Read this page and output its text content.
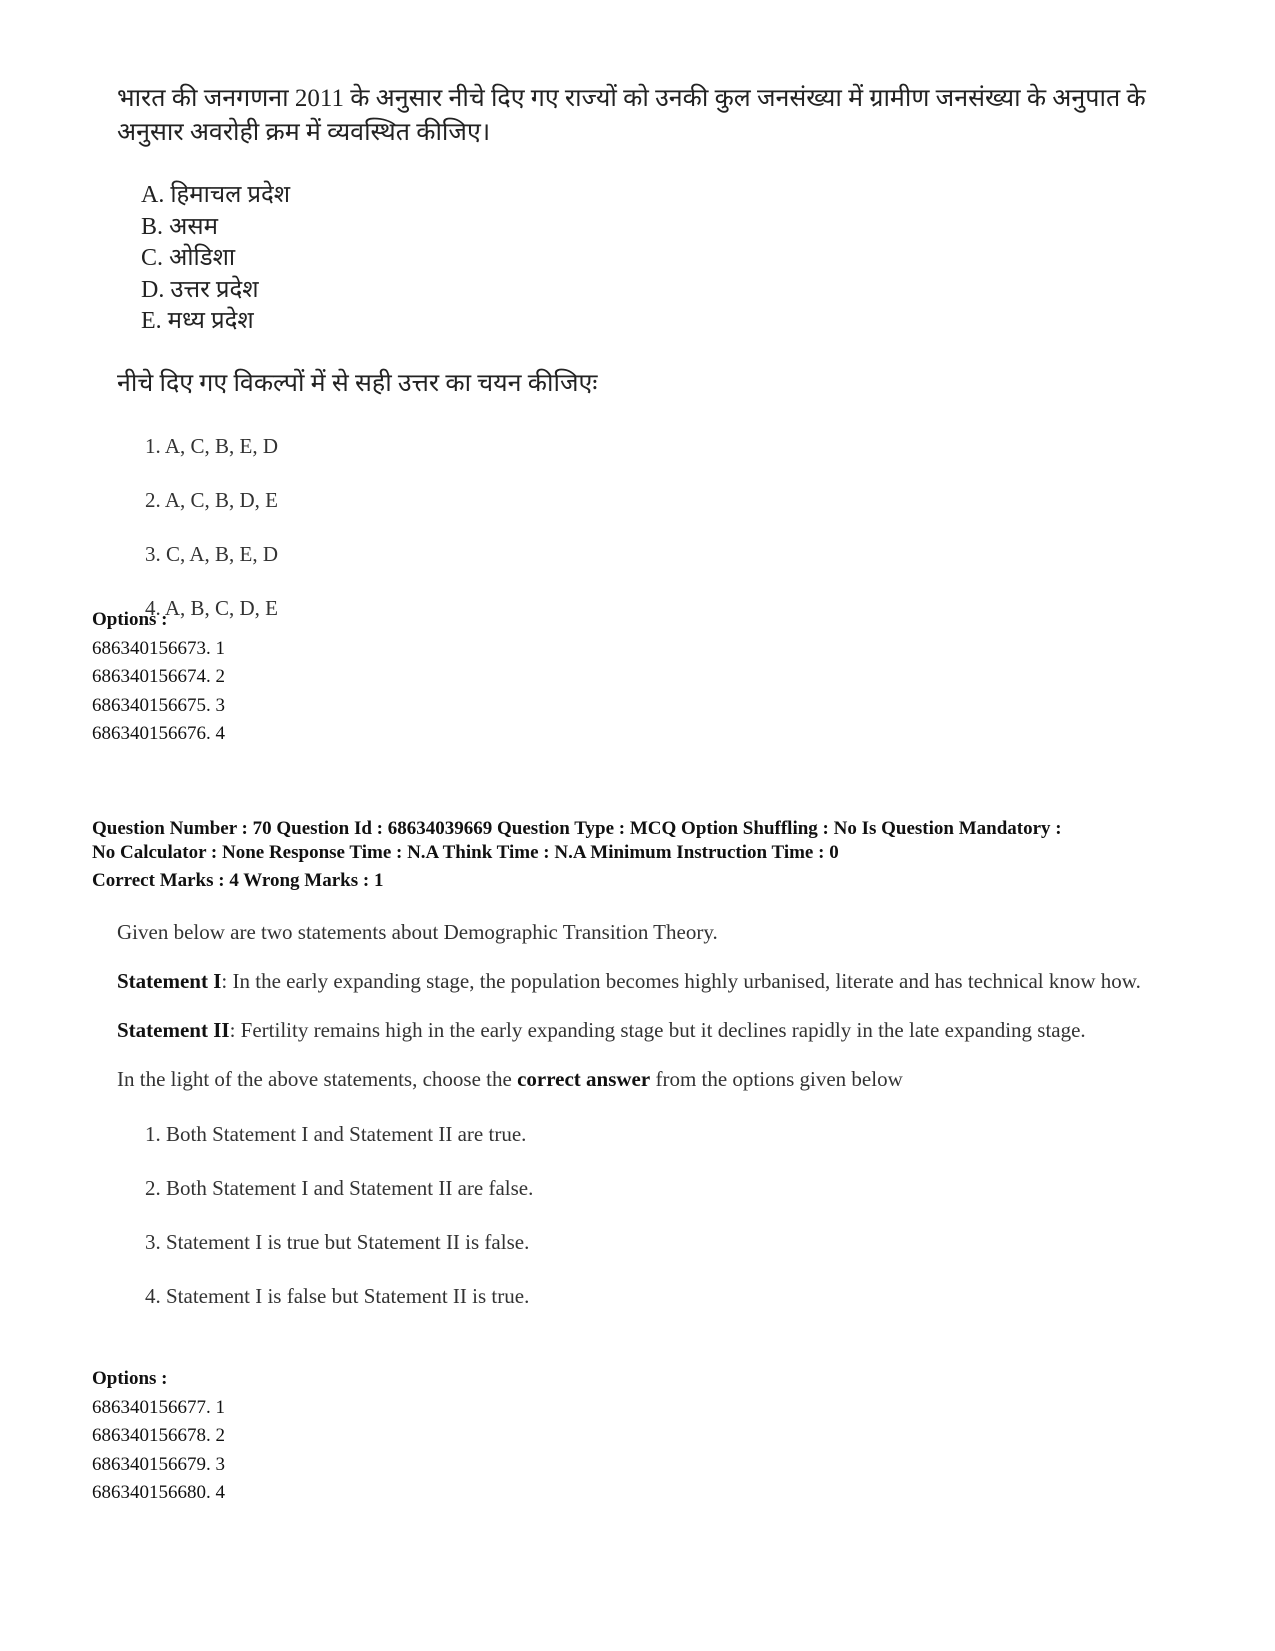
भारत की जनगणना 2011 के अनुसार नीचे दिए गए राज्यों को उनकी कुल जनसंख्या में ग्रामीण जनसंख्या के अनुपात के अनुसार अवरोही क्रम में व्यवस्थित कीजिए।

A. हिमाचल प्रदेश
B. असम
C. ओडिशा
D. उत्तर प्रदेश
E. मध्य प्रदेश

नीचे दिए गए विकल्पों में से सही उत्तर का चयन कीजिएः

1. A, C, B, E, D
2. A, C, B, D, E
3. C, A, B, E, D
4. A, B, C, D, E
Options :
686340156673. 1
686340156674. 2
686340156675. 3
686340156676. 4
Question Number : 70 Question Id : 68634039669 Question Type : MCQ Option Shuffling : No Is Question Mandatory :
No Calculator : None Response Time : N.A Think Time : N.A Minimum Instruction Time : 0
Correct Marks : 4 Wrong Marks : 1

Given below are two statements about Demographic Transition Theory.

Statement I: In the early expanding stage, the population becomes highly urbanised, literate and has technical know how.

Statement II: Fertility remains high in the early expanding stage but it declines rapidly in the late expanding stage.

In the light of the above statements, choose the correct answer from the options given below

1. Both Statement I and Statement II are true.
2. Both Statement I and Statement II are false.
3. Statement I is true but Statement II is false.
4. Statement I is false but Statement II is true.
Options :
686340156677. 1
686340156678. 2
686340156679. 3
686340156680. 4
